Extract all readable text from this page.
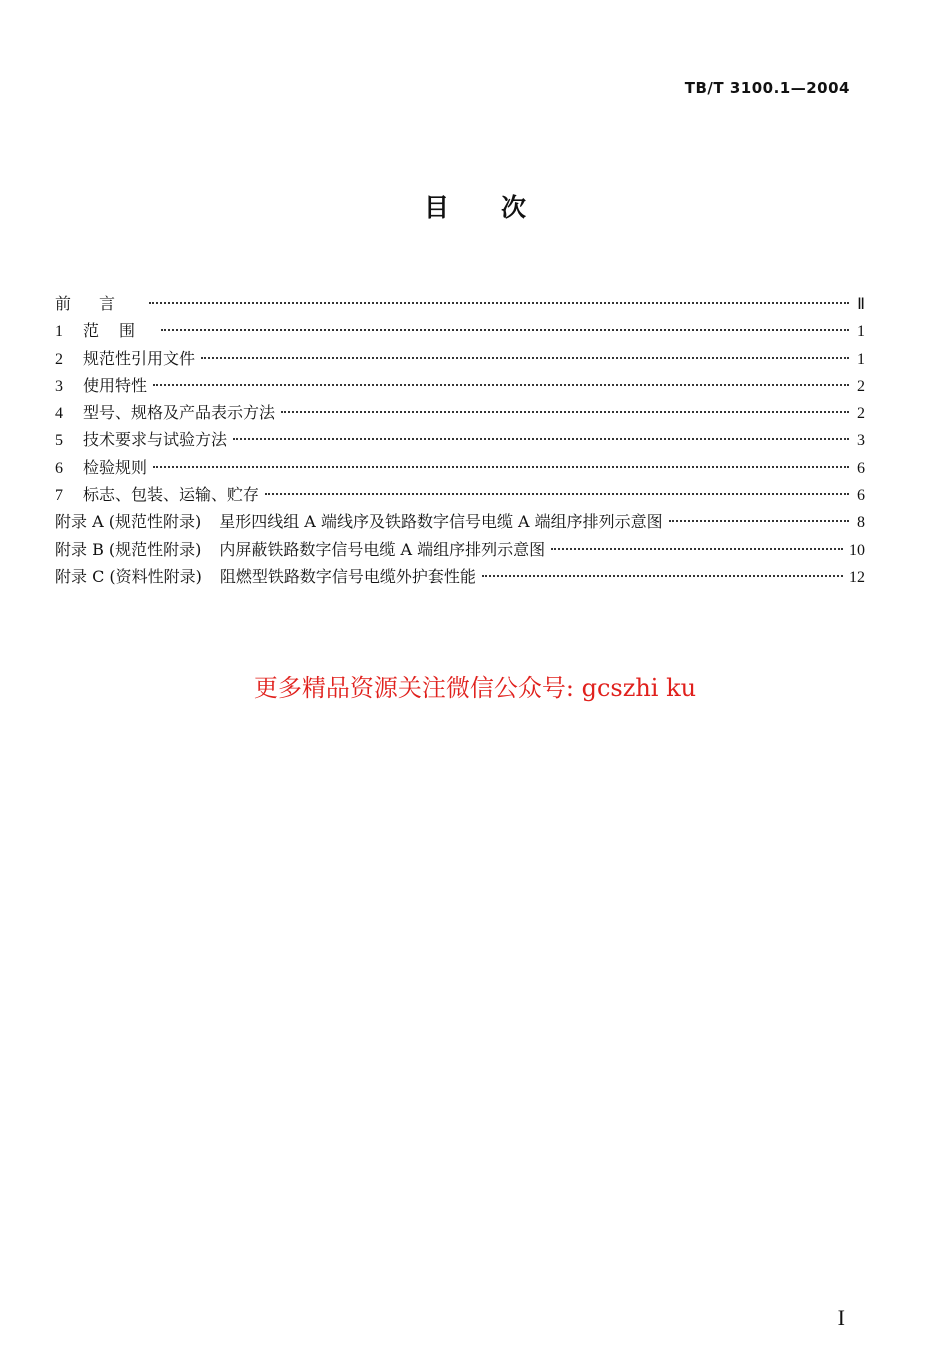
TB/T 3100.1—2004
目次
前言	Ⅱ
1	范围	1
2	规范性引用文件	1
3	使用特性	2
4	型号、规格及产品表示方法	2
5	技术要求与试验方法	3
6	检验规则	6
7	标志、包装、运输、贮存	6
附录 A (规范性附录)	星形四线组 A 端线序及铁路数字信号电缆 A 端组序排列示意图	8
附录 B (规范性附录)	内屏蔽铁路数字信号电缆 A 端组序排列示意图	10
附录 C (资料性附录)	阻燃型铁路数字信号电缆外护套性能	12
更多精品资源关注微信公众号: gcszhi ku
I
